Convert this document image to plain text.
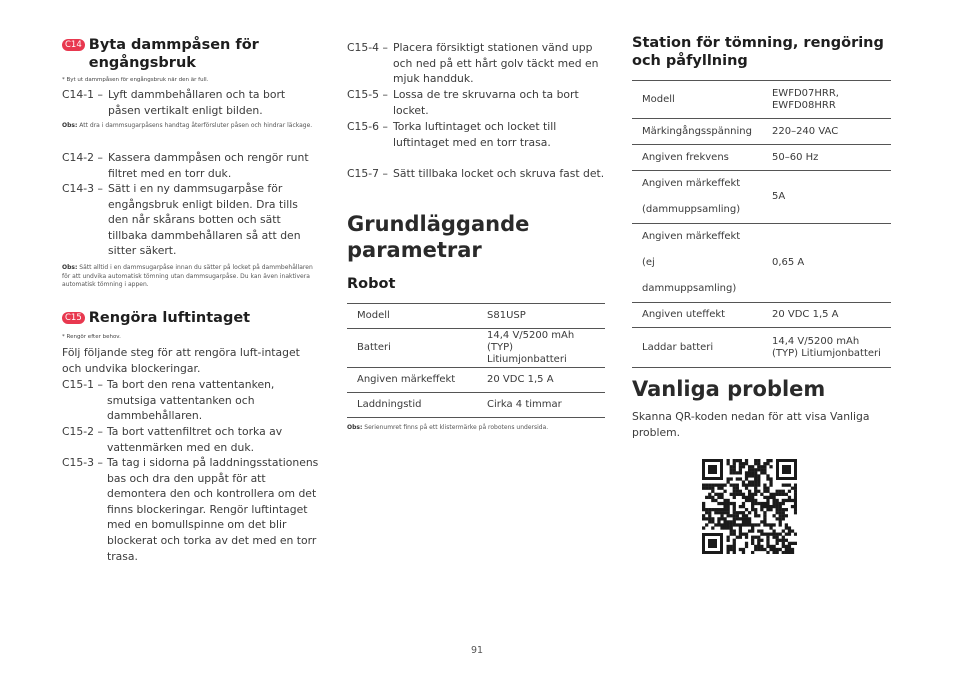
C14 Byta dammpåsen för engångsbruk
* Byt ut dammpåsen för engångsbruk när den är full.
C14-1 – Lyft dammbehållaren och ta bort påsen vertikalt enligt bilden.
Obs: Att dra i dammsugarpåsens handtag återförsluter påsen och hindrar läckage.
C14-2 – Kassera dammpåsen och rengör runt filtret med en torr duk.
C14-3 – Sätt i en ny dammsugarpåse för engångsbruk enligt bilden. Dra tills den når skårans botten och sätt tillbaka dammbehållaren så att den sitter säkert.
Obs: Sätt alltid i en dammsugarpåse innan du sätter på locket på dammbehållaren för att undvika automatisk tömning utan dammsugarpåse. Du kan även inaktivera automatisk tömning i appen.
C15 Rengöra luftintaget
* Rengör efter behov.
Följ följande steg för att rengöra luft-intaget och undvika blockeringar.
C15-1 – Ta bort den rena vattentanken, smutsiga vattentanken och dammbehållaren.
C15-2 – Ta bort vattenfiltret och torka av vattenmärken med en duk.
C15-3 – Ta tag i sidorna på laddningsstationens bas och dra den uppåt för att demontera den och kontrollera om det finns blockeringar. Rengör luftintaget med en bomullspinne om det blir blockerat och torka av det med en torr trasa.
C15-4 – Placera försiktigt stationen vänd upp och ned på ett hårt golv täckt med en mjuk handduk.
C15-5 – Lossa de tre skruvarna och ta bort locket.
C15-6 – Torka luftintaget och locket till luftintaget med en torr trasa.
C15-7 – Sätt tillbaka locket och skruva fast det.
Grundläggande parametrar
Robot
Modell	S81USP
Batteri	14,4 V/5200 mAh (TYP) Litiumjonbatteri
Angiven märkeffekt	20 VDC 1,5 A
Laddningstid	Cirka 4 timmar
Obs: Serienumret finns på ett klistermärke på robotens undersida.
Station för tömning, rengöring och påfyllning
Modell	EWFD07HRR, EWFD08HRR
Märkingångsspänning	220–240 VAC
Angiven frekvens	50–60 Hz
Angiven märkeffekt (dammuppsamling)	5A
Angiven märkeffekt (ej dammuppsamling)	0,65 A
Angiven uteffekt	20 VDC 1,5 A
Laddar batteri	14,4 V/5200 mAh (TYP) Litiumjonbatteri
Vanliga problem
Skanna QR-koden nedan för att visa Vanliga problem.
91
